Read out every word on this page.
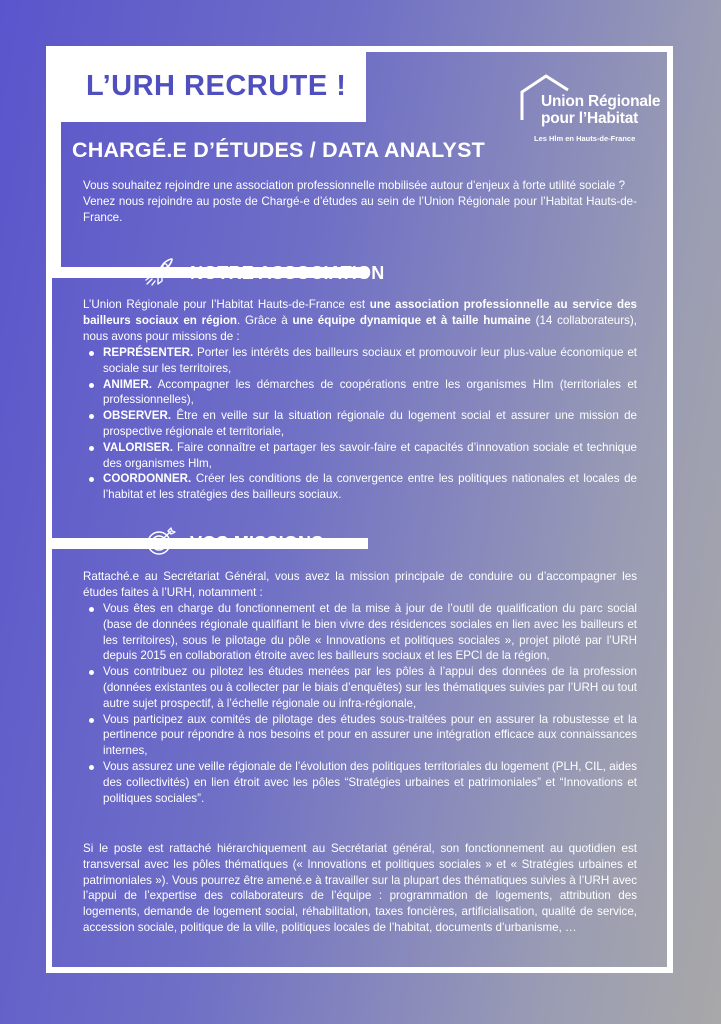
L’URH RECRUTE !	Union Régionale
pour l’Habitat
Les Hlm en Hauts-de-France
CHARGÉ.E D’ÉTUDES / DATA ANALYST
Vous souhaitez rejoindre une association professionnelle mobilisée autour d’enjeux à forte utilité sociale ?
Venez nous rejoindre au poste de Chargé-e d’études au sein de l’Union Régionale pour l’Habitat Hauts-de-France.
NOTRE ASSOCIATION
L’Union Régionale pour l’Habitat Hauts-de-France est une association professionnelle au service des bailleurs sociaux en région. Grâce à une équipe dynamique et à taille humaine (14 collaborateurs), nous avons pour missions de :
REPRÉSENTER. Porter les intérêts des bailleurs sociaux et promouvoir leur plus-value économique et sociale sur les territoires,
ANIMER. Accompagner les démarches de coopérations entre les organismes Hlm (territoriales et professionnelles),
OBSERVER. Être en veille sur la situation régionale du logement social et assurer une mission de prospective régionale et territoriale,
VALORISER. Faire connaître et partager les savoir-faire et capacités d’innovation sociale et technique des organismes Hlm,
COORDONNER. Créer les conditions de la convergence entre les politiques nationales et locales de l’habitat et les stratégies des bailleurs sociaux.
VOS MISSIONS
Rattaché.e au Secrétariat Général, vous avez la mission principale de conduire ou d’accompagner les études faites à l’URH, notamment :
Vous êtes en charge du fonctionnement et de la mise à jour de l’outil de qualification du parc social (base de données régionale qualifiant le bien vivre des résidences sociales en lien avec les bailleurs et les territoires), sous le pilotage du pôle « Innovations et politiques sociales », projet piloté par l’URH depuis 2015 en collaboration étroite avec les bailleurs sociaux et les EPCI de la région,
Vous contribuez ou pilotez les études menées par les pôles à l’appui des données de la profession (données existantes ou à collecter par le biais d’enquêtes) sur les thématiques suivies par l’URH ou tout autre sujet prospectif, à l’échelle régionale ou infra-régionale,
Vous participez aux comités de pilotage des études sous-traitées pour en assurer la robustesse et la pertinence pour répondre à nos besoins et pour en assurer une intégration efficace aux connaissances internes,
Vous assurez une veille régionale de l’évolution des politiques territoriales du logement (PLH, CIL, aides des collectivités) en lien étroit avec les pôles “Stratégies urbaines et patrimoniales” et “Innovations et politiques sociales”.
Si le poste est rattaché hiérarchiquement au Secrétariat général, son fonctionnement au quotidien est transversal avec les pôles thématiques (« Innovations et politiques sociales » et « Stratégies urbaines et patrimoniales »). Vous pourrez être amené.e à travailler sur la plupart des thématiques suivies à l’URH avec l’appui de l’expertise des collaborateurs de l’équipe : programmation de logements, attribution des logements, demande de logement social, réhabilitation, taxes foncières, artificialisation, qualité de service, accession sociale, politique de la ville, politiques locales de l’habitat, documents d’urbanisme, …
